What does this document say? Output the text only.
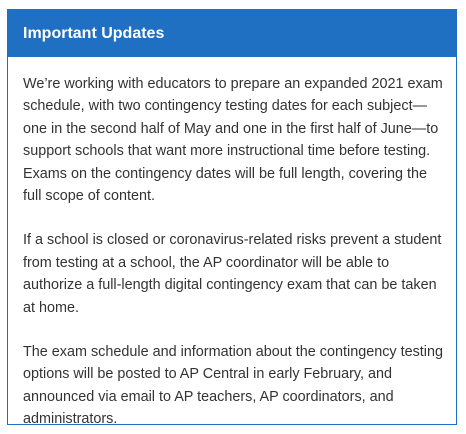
Important Updates

We’re working with educators to prepare an expanded 2021 exam schedule, with two contingency testing dates for each subject—one in the second half of May and one in the first half of June—to support schools that want more instructional time before testing. Exams on the contingency dates will be full length, covering the full scope of content.

If a school is closed or coronavirus-related risks prevent a student from testing at a school, the AP coordinator will be able to authorize a full-length digital contingency exam that can be taken at home.

The exam schedule and information about the contingency testing options will be posted to AP Central in early February, and announced via email to AP teachers, AP coordinators, and administrators.
